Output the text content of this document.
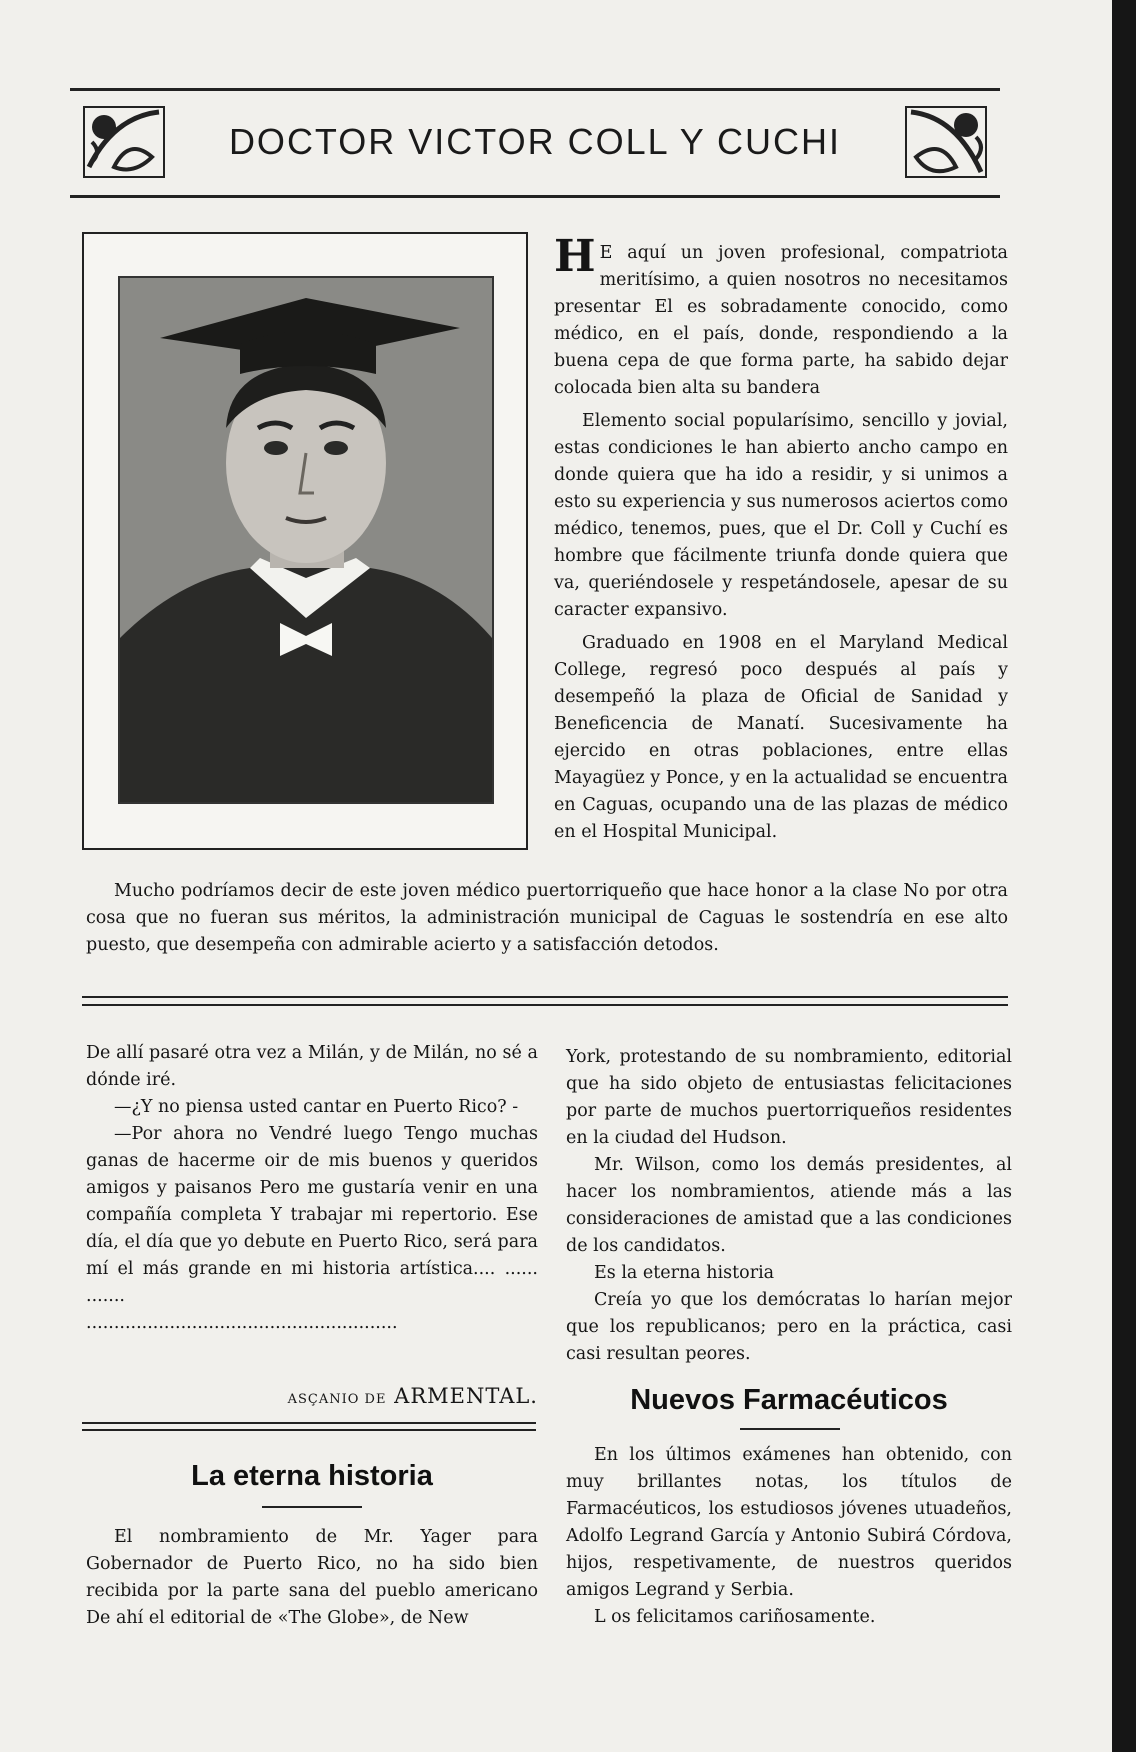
DOCTOR VICTOR COLL Y CUCHI

H E aquí un joven profesional, compatriota meritísimo, a quien nosotros no necesitamos presentar El es sobradamente conocido, como médico, en el país, donde, respondiendo a la buena cepa de que forma parte, ha sabido dejar colocada bien alta su bandera

Elemento social popularísimo, sencillo y jovial, estas condiciones le han abierto ancho campo en donde quiera que ha ido a residir, y si unimos a esto su experiencia y sus numerosos aciertos como médico, tenemos, pues, que el Dr. Coll y Cuchí es hombre que fácilmente triunfa donde quiera que va, queriéndosele y respetándosele, apesar de su caracter expansivo.

Graduado en 1908 en el Maryland Medical College, regresó poco después al país y desempeñó la plaza de Oficial de Sanidad y Beneficencia de Manatí. Sucesivamente ha ejercido en otras poblaciones, entre ellas Mayagüez y Ponce, y en la actualidad se encuentra en Caguas, ocupando una de las plazas de médico en el Hospital Municipal.

Mucho podríamos decir de este joven médico puertorriqueño que hace honor a la clase No por otra cosa que no fueran sus méritos, la administración municipal de Caguas le sostendría en ese alto puesto, que desempeña con admirable acierto y a satisfacción detodos.

De allí pasaré otra vez a Milán, y de Milán, no sé a dónde iré.

—¿Y no piensa usted cantar en Puerto Rico? -

—Por ahora no Vendré luego Tengo muchas ganas de hacerme oir de mis buenos y queridos amigos y paisanos Pero me gustaría venir en una compañía completa Y trabajar mi repertorio. Ese día, el día que yo debute en Puerto Rico, será para mí el más grande en mi historia artística.... ...... .......

........................................................

ASÇANIO DE ARMENTAL.
La eterna historia

El nombramiento de Mr. Yager para Gobernador de Puerto Rico, no ha sido bien recibida por la parte sana del pueblo americano De ahí el editorial de «The Globe», de New

York, protestando de su nombramiento, editorial que ha sido objeto de entusiastas felicitaciones por parte de muchos puertorriqueños residentes en la ciudad del Hudson.

Mr. Wilson, como los demás presidentes, al hacer los nombramientos, atiende más a las consideraciones de amistad que a las condiciones de los candidatos.

Es la eterna historia

Creía yo que los demócratas lo harían mejor que los republicanos; pero en la práctica, casi casi resultan peores.

Nuevos Farmacéuticos

En los últimos exámenes han obtenido, con muy brillantes notas, los títulos de Farmacéuticos, los estudiosos jóvenes utuadeños, Adolfo Legrand García y Antonio Subirá Córdova, hijos, respetivamente, de nuestros queridos amigos Legrand y Serbia.

L os felicitamos cariñosamente.
